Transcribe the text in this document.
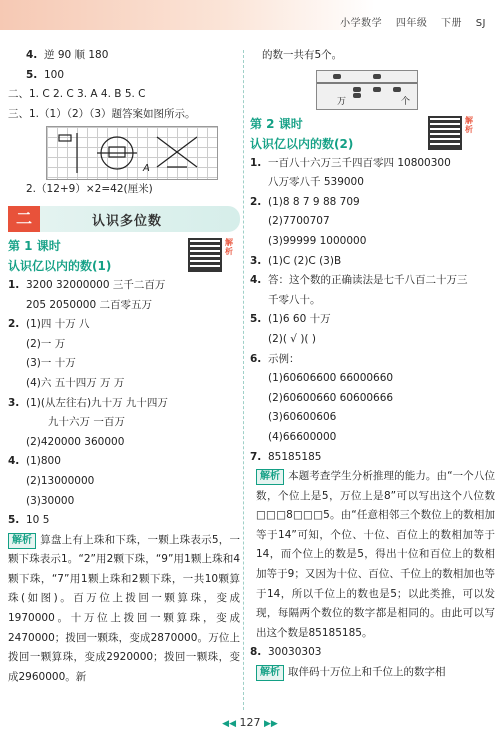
小学数学 四年级 下册 SJ
4. 逆 90 顺 180
5. 100
二、1. C 2. C 3. A 4. B 5. C
三、1.（1）（2）（3）题答案如图所示。
A
2.（12+9）×2=42(厘米)
二	认识多位数
第 1 课时
认识亿以内的数(1)
解析
1. 3200 32000000 三千二百万
205 2050000 二百零五万
2. (1)四 十万 八
(2)一 万
(3)一 十万
(4)六 五十四万 万 万
3. (1)(从左往右)九十万 九十四万
九十六万 一百万
(2)420000 360000
4. (1)800
(2)13000000
(3)30000
5. 10 5
解析 算盘上有上珠和下珠，一颗上珠表示5，一颗下珠表示1。“2”用2颗下珠，“9”用1颗上珠和4颗下珠，“7”用1颗上珠和2颗下珠，一共10颗算珠(如图)。百万位上拨回一颗算珠，变成1970000。十万位上拨回一颗算珠，变成2470000；拨回一颗珠，变成2870000。万位上拨回一颗算珠，变成2920000；拨回一颗珠，变成2960000。新
的数一共有5个。
万	个
第 2 课时
认识亿以内的数(2)
解析
1. 一百八十六万三千四百零四 10800300
八万零八千 539000
2. (1)8 8 7 9 88 709
(2)7700707
(3)99999 1000000
3. (1)C (2)C (3)B
4. 答：这个数的正确读法是七千八百二十万三
千零八十。
5. (1)6 60 十万
(2)( √ )( )
6. 示例：
(1)60606600 66000660
(2)60600660 60600666
(3)60600606
(4)66600000
7. 85185185
解析 本题考查学生分析推理的能力。由“一个八位数，个位上是5，万位上是8”可以写出这个八位数□□□8□□□5。由“任意相邻三个数位上的数相加等于14”可知，个位、十位、百位上的数相加等于14，而个位上的数是5，得出十位和百位上的数相加等于9；又因为十位、百位、千位上的数相加也等于14，所以千位上的数也是5；以此类推，可以发现，每隔两个数位的数字都是相同的。由此可以写出这个数是85185185。
8. 30030303
解析 取伴码十万位上和千位上的数字相
◀◀ 127 ▶▶
